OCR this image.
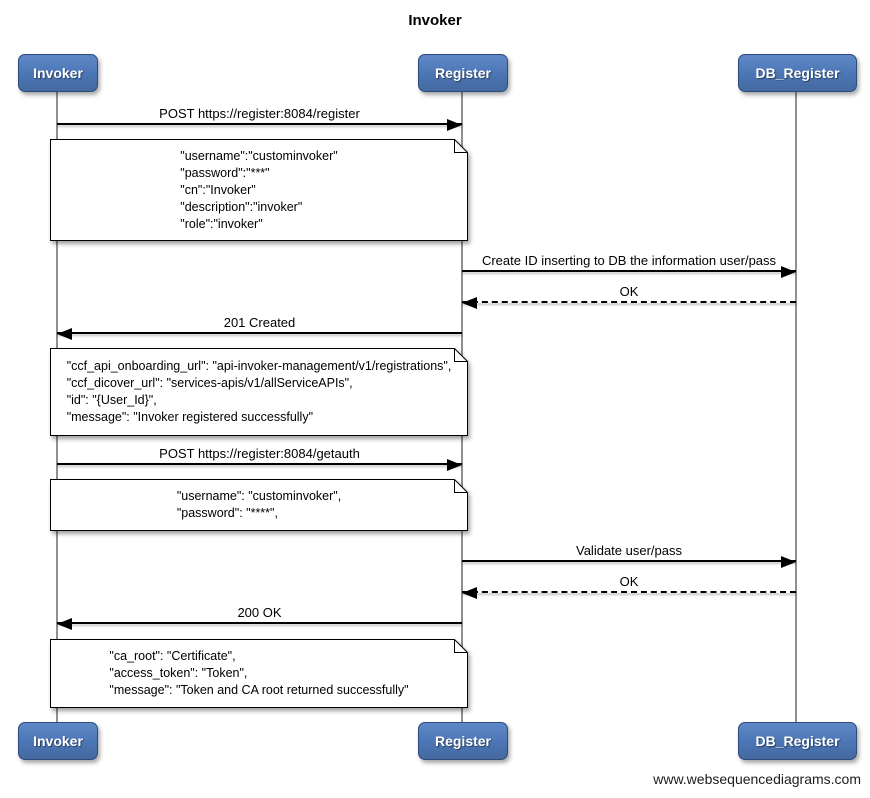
Invoker
Invoker	Register	DB_Register
POST https://register:8084/register
"username":"custominvoker"
"password":"***"
"cn":"Invoker"
"description":"invoker"
"role":"invoker"
Create ID inserting to DB the information user/pass
OK
201 Created
"ccf_api_onboarding_url": "api-invoker-management/v1/registrations",
"ccf_dicover_url": "services-apis/v1/allServiceAPIs",
"id": "{User_Id}",
"message": "Invoker registered successfully"
POST https://register:8084/getauth
"username": "custominvoker",
"password": "****",
Validate user/pass
OK
200 OK
"ca_root": "Certificate",
"access_token": "Token",
"message": "Token and CA root returned successfully"
Invoker	Register	DB_Register
www.websequencediagrams.com
